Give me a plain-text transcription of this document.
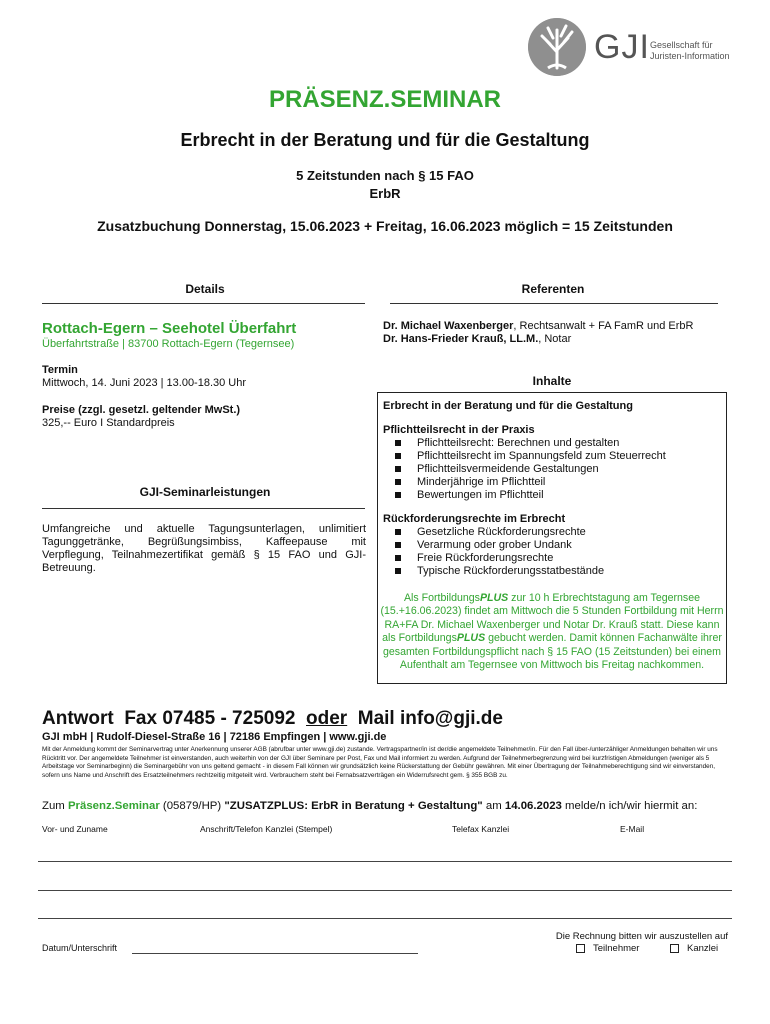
GJI Gesellschaft für
Juristen-Information
PRÄSENZ.SEMINAR
Erbrecht in der Beratung und für die Gestaltung
5 Zeitstunden nach § 15 FAO
ErbR
Zusatzbuchung Donnerstag, 15.06.2023 + Freitag, 16.06.2023 möglich = 15 Zeitstunden
Details
Rottach-Egern – Seehotel Überfahrt
Überfahrtstraße | 83700 Rottach-Egern (Tegernsee)
Termin
Mittwoch, 14. Juni 2023 | 13.00-18.30 Uhr
Preise (zzgl. gesetzl. geltender MwSt.)
325,-- Euro I Standardpreis
GJI-Seminarleistungen
Umfangreiche und aktuelle Tagungsunterlagen, unlimitiert Tagunggetränke, Begrüßungsimbiss, Kaffeepause mit Verpflegung, Teilnahmezertifikat gemäß § 15 FAO und GJI-Betreuung.
Referenten
Dr. Michael Waxenberger, Rechtsanwalt + FA FamR und ErbR
Dr. Hans-Frieder Krauß, LL.M., Notar
Inhalte
Erbrecht in der Beratung und für die Gestaltung
Pflichtteilsrecht in der Praxis
Pflichtteilsrecht: Berechnen und gestalten
Pflichtteilsrecht im Spannungsfeld zum Steuerrecht
Pflichtteilsvermeidende Gestaltungen
Minderjährige im Pflichtteil
Bewertungen im Pflichtteil
Rückforderungsrechte im Erbrecht
Gesetzliche Rückforderungsrechte
Verarmung oder grober Undank
Freie Rückforderungsrechte
Typische Rückforderungsstatbestände
Als FortbildungsPLUS zur 10 h Erbrechtstagung am Tegernsee (15.+16.06.2023) findet am Mittwoch die 5 Stunden Fortbildung mit Herrn RA+FA Dr. Michael Waxenberger und Notar Dr. Krauß statt. Diese kann als FortbildungsPLUS gebucht werden. Damit können Fachanwälte ihrer gesamten Fortbildungspflicht nach § 15 FAO (15 Zeitstunden) bei einem Aufenthalt am Tegernsee von Mittwoch bis Freitag nachkommen.
Antwort  Fax 07485 - 725092  oder  Mail info@gji.de
GJI mbH | Rudolf-Diesel-Straße 16 | 72186 Empfingen | www.gji.de
Mit der Anmeldung kommt der Seminarvertrag unter Anerkennung unserer AGB (abrufbar unter www.gji.de) zustande. Vertragspartner/in ist der/die angemeldete Teilnehmer/in. Für den Fall über-/unterzähliger Anmeldungen behalten wir uns Rücktritt vor. Der angemeldete Teilnehmer ist einverstanden, auch weiterhin von der GJI über Seminare per Post, Fax und Mail informiert zu werden. Aufgrund der Teilnehmerbegrenzung wird bei kurzfristigen Abmeldungen (weniger als 5 Arbeitstage vor Seminarbeginn) die Seminargebühr von uns geltend gemacht - in diesem Fall können wir grundsätzlich keine Rückerstattung der Gebühr gewähren. Mit einer Übertragung der Teilnahmeberechtigung sind wir einverstanden, sofern uns Name und Anschrift des Ersatzteilnehmers rechtzeitig mitgeteilt wird. Verbrauchern steht bei Fernabsatzverträgen ein Widerrufsrecht gem. § 355 BGB zu.
Zum Präsenz.Seminar (05879/HP) "ZUSATZPLUS: ErbR in Beratung + Gestaltung" am 14.06.2023 melde/n ich/wir hiermit an:
Vor- und Zuname	Anschrift/Telefon Kanzlei (Stempel)	Telefax Kanzlei	E-Mail
Datum/Unterschrift
Die Rechnung bitten wir auszustellen auf
Teilnehmer	Kanzlei
